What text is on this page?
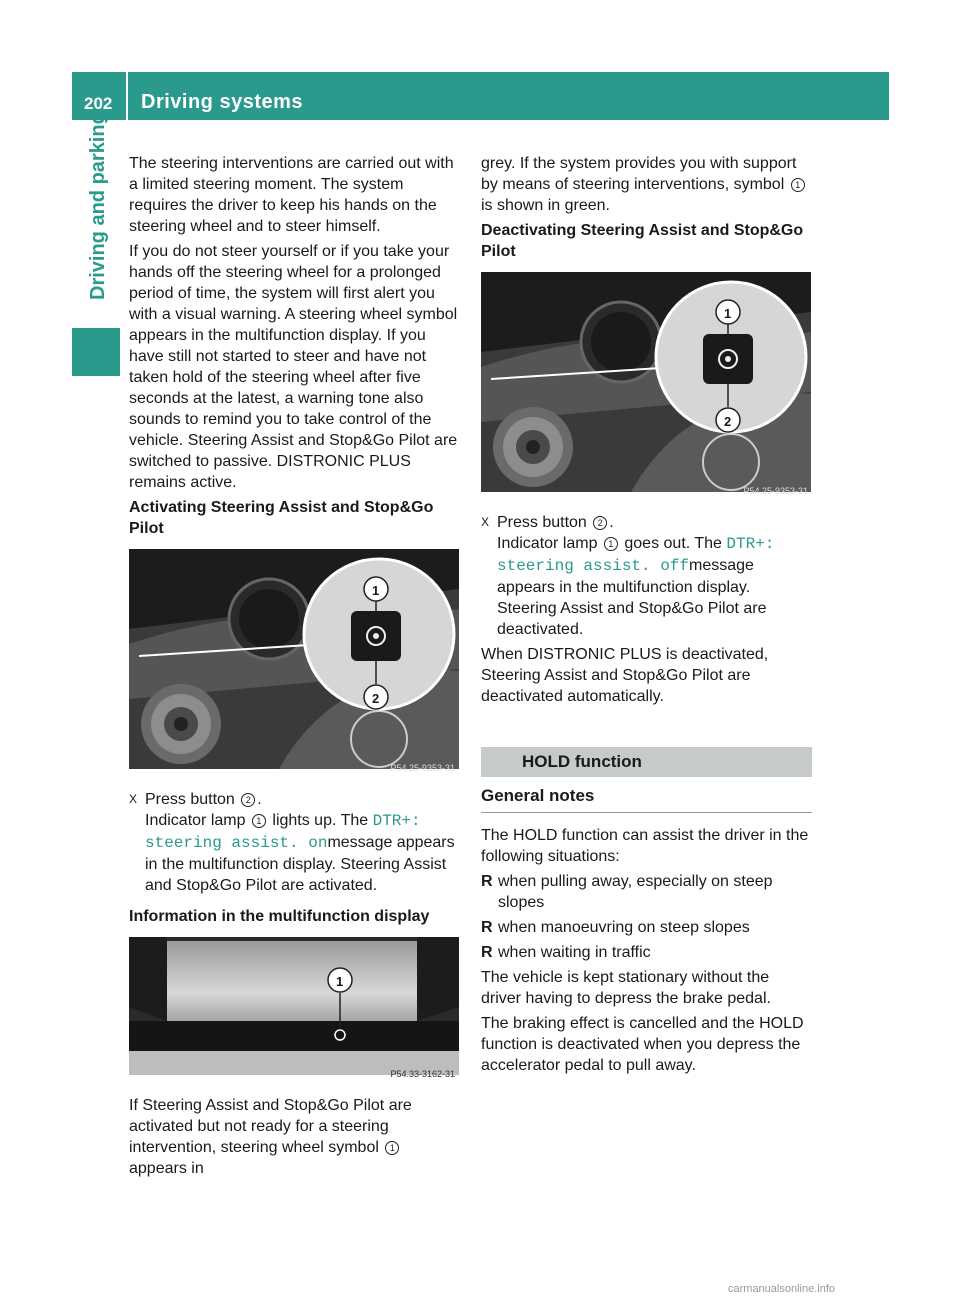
202 Driving systems
Driving and parking The steering interventions are carried out with a limited steering moment. The system requires the driver to keep his hands on the steering wheel and to steer himself.

If you do not steer yourself or if you take your hands off the steering wheel for a prolonged period of time, the system will first alert you with a visual warning. A steering wheel symbol appears in the multifunction display. If you have still not started to steer and have not taken hold of the steering wheel after five seconds at the latest, a warning tone also sounds to remind you to take control of the vehicle. Steering Assist and Stop&Go Pilot are switched to passive. DISTRONIC PLUS remains active.

Activating Steering Assist and Stop&Go Pilot

1
2
P54.25-9353-31
X Press button 2 .
Indicator lamp 1 lights up. The DTR+: steering assist. onmessage appears in the multifunction display. Steering Assist and Stop&Go Pilot are activated.

Information in the multifunction display

1
P54.33-3162-31

If Steering Assist and Stop&Go Pilot are activated but not ready for a steering intervention, steering wheel symbol 1 appears in

grey. If the system provides you with support by means of steering interventions, symbol 1 is shown in green.

Deactivating Steering Assist and Stop&Go Pilot

1
2
P54.25-9353-31
X Press button 2 .
Indicator lamp 1 goes out. The DTR+: steering assist. offmessage appears in the multifunction display. Steering Assist and Stop&Go Pilot are deactivated.

When DISTRONIC PLUS is deactivated, Steering Assist and Stop&Go Pilot are deactivated automatically.

HOLD function
General notes

The HOLD function can assist the driver in the following situations:

R when pulling away, especially on steep slopes
R when manoeuvring on steep slopes
R when waiting in traffic

The vehicle is kept stationary without the driver having to depress the brake pedal.

The braking effect is cancelled and the HOLD function is deactivated when you depress the accelerator pedal to pull away.

carmanualsonline.info
